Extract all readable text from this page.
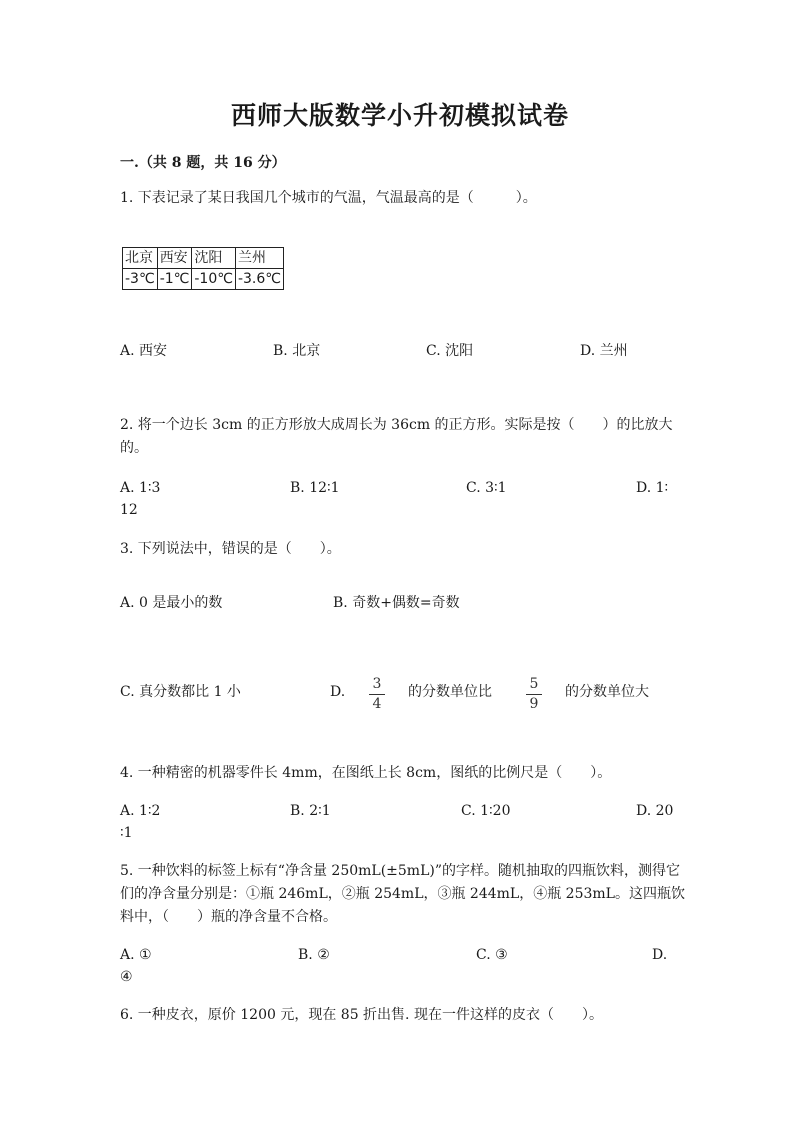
西师大版数学小升初模拟试卷
一.（共 8 题，共 16 分）
1. 下表记录了某日我国几个城市的气温，气温最高的是（　　　）。
北京	西安	沈阳	兰州
-3℃	-1℃	-10℃	-3.6℃
A. 西安	B. 北京	C. 沈阳	D. 兰州
2. 将一个边长 3cm 的正方形放大成周长为 36cm 的正方形。实际是按（　　）的比放大的。
A. 1∶3	B. 12∶1	C. 3∶1	D. 1∶
12
3. 下列说法中，错误的是（　　）。
A. 0 是最小的数	B. 奇数+偶数=奇数
C. 真分数都比 1 小	D. 3
4
的分数单位比	5
9
的分数单位大
4. 一种精密的机器零件长 4mm，在图纸上长 8cm，图纸的比例尺是（　　）。
A. 1∶2	B. 2∶1	C. 1∶20	D. 20
∶1
5. 一种饮料的标签上标有“净含量 250mL(±5mL)”的字样。随机抽取的四瓶饮料，测得它们的净含量分别是：①瓶 246mL，②瓶 254mL，③瓶 244mL，④瓶 253mL。这四瓶饮料中，（　　）瓶的净含量不合格。
A. ①	B. ②	C. ③	D.
④
6. 一种皮衣，原价 1200 元，现在 85 折出售. 现在一件这样的皮衣（　　）。
